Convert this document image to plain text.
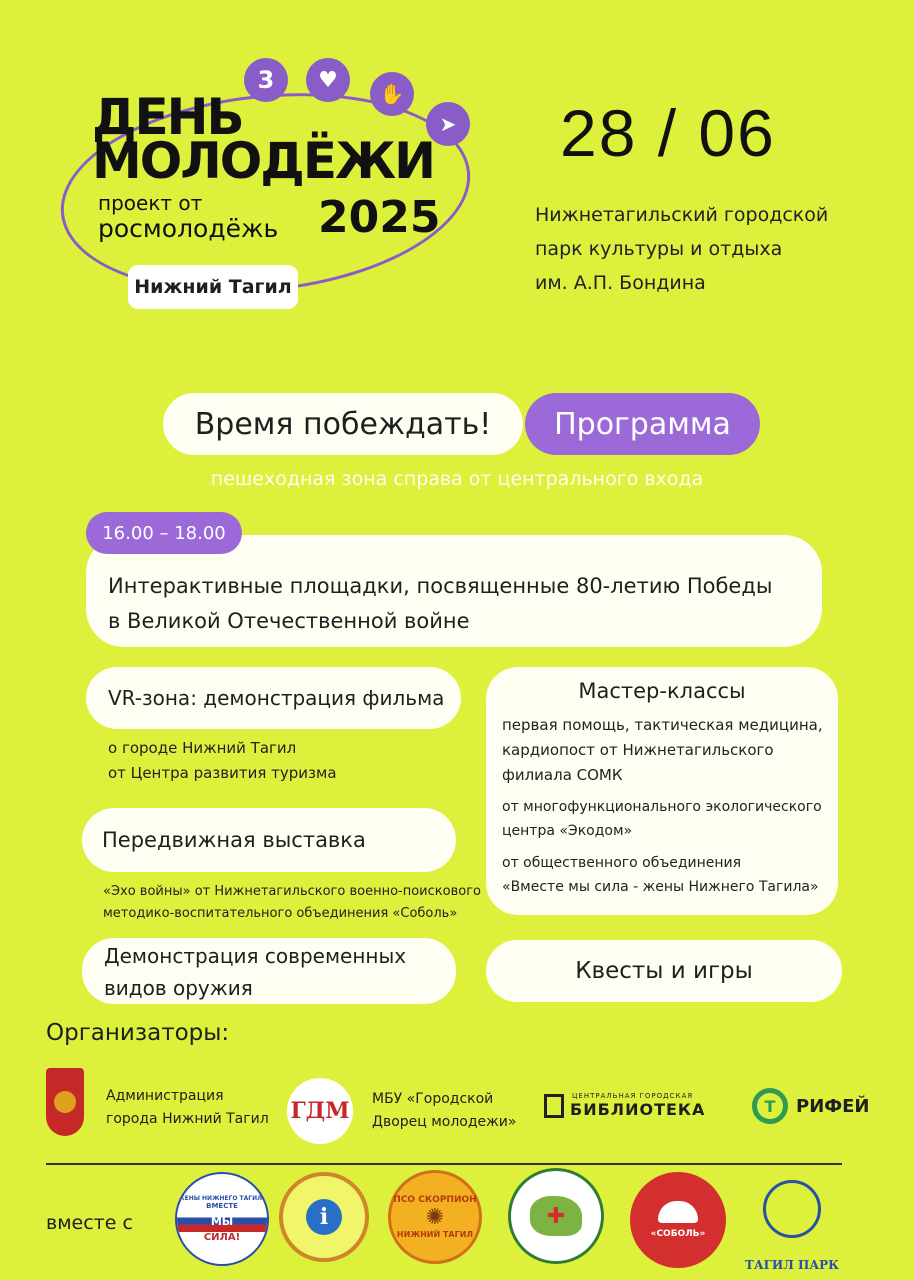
3	♥
✋
➤
ДЕНЬ
МОЛОДЁЖИ
проект от
росмолодёжь 2025
Нижний Тагил
28 / 06
Нижнетагильский городской
парк культуры и отдыха
им. А.П. Бондина
Время побеждать!	Программа
пешеходная зона справа от центрального входа
Интерактивные площадки, посвященные 80-летию Победы
в Великой Отечественной войне
16.00 – 18.00
VR-зона: демонстрация фильма
о городе Нижний Тагил
от Центра развития туризма
Передвижная выставка
«Эхо войны» от Нижнетагильского военно-поискового
методико-воспитательного объединения «Соболь»
Демонстрация современных
видов оружия
Мастер-классы
первая помощь, тактическая медицина,
кардиопост от Нижнетагильского
филиала СОМК
от многофункционального экологического
центра «Экодом»
от общественного объединения
«Вместе мы сила - жены Нижнего Тагила»
Квесты и игры
Организаторы:
Администрация
города Нижний Тагил ГДМ МБУ «Городской
Дворец молодежи»
ЦЕНТРАЛЬНАЯ ГОРОДСКАЯ
БИБЛИОТЕКА	T	РИФЕЙ
вместе с
ЖЕНЫ НИЖНЕГО ТАГИЛА
ВМЕСТЕ
МЫ
СИЛА!
i
ПСО СКОРПИОН
✺
НИЖНИЙ ТАГИЛ
✚
«СОБОЛЬ»
ТАГИЛ ПАРК
